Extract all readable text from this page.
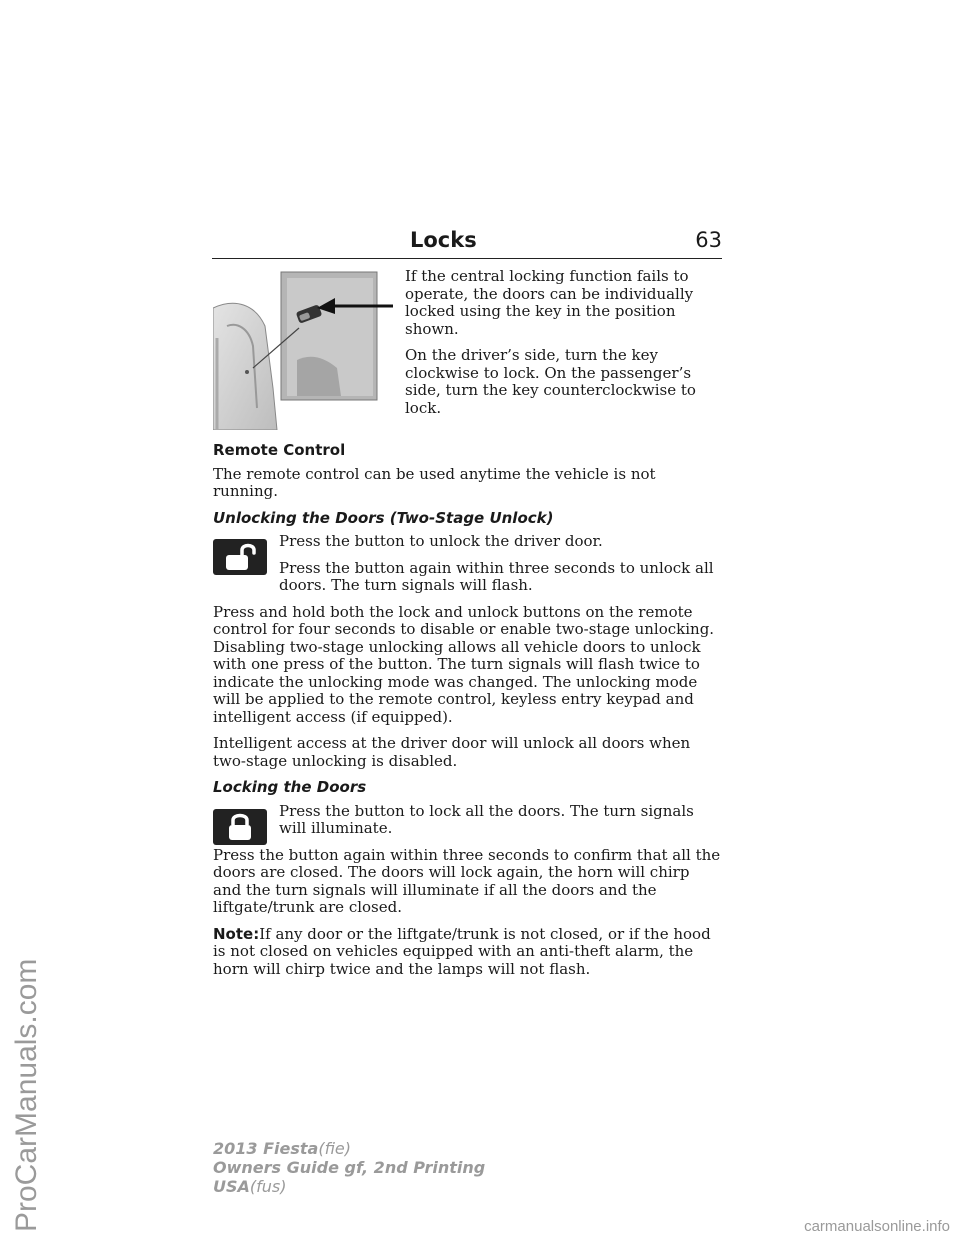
ProCarManuals.com	carmanualsonline.info
Locks	63

If the central locking function fails to operate, the doors can be individually locked using the key in the position shown.

On the driver’s side, turn the key clockwise to lock. On the passenger’s side, turn the key counterclockwise to lock.

Remote Control

The remote control can be used anytime the vehicle is not running.

Unlocking the Doors (Two-Stage Unlock)

Press the button to unlock the driver door.

Press the button again within three seconds to unlock all doors. The turn signals will flash.

Press and hold both the lock and unlock buttons on the remote control for four seconds to disable or enable two-stage unlocking. Disabling two-stage unlocking allows all vehicle doors to unlock with one press of the button. The turn signals will flash twice to indicate the unlocking mode was changed. The unlocking mode will be applied to the remote control, keyless entry keypad and intelligent access (if equipped).

Intelligent access at the driver door will unlock all doors when two-stage unlocking is disabled.

Locking the Doors

Press the button to lock all the doors. The turn signals will illuminate.

Press the button again within three seconds to confirm that all the doors are closed. The doors will lock again, the horn will chirp and the turn signals will illuminate if all the doors and the liftgate/trunk are closed.

Note:If any door or the liftgate/trunk is not closed, or if the hood is not closed on vehicles equipped with an anti-theft alarm, the horn will chirp twice and the lamps will not flash.

2013 Fiesta(fie)
Owners Guide gf, 2nd Printing
USA(fus)
